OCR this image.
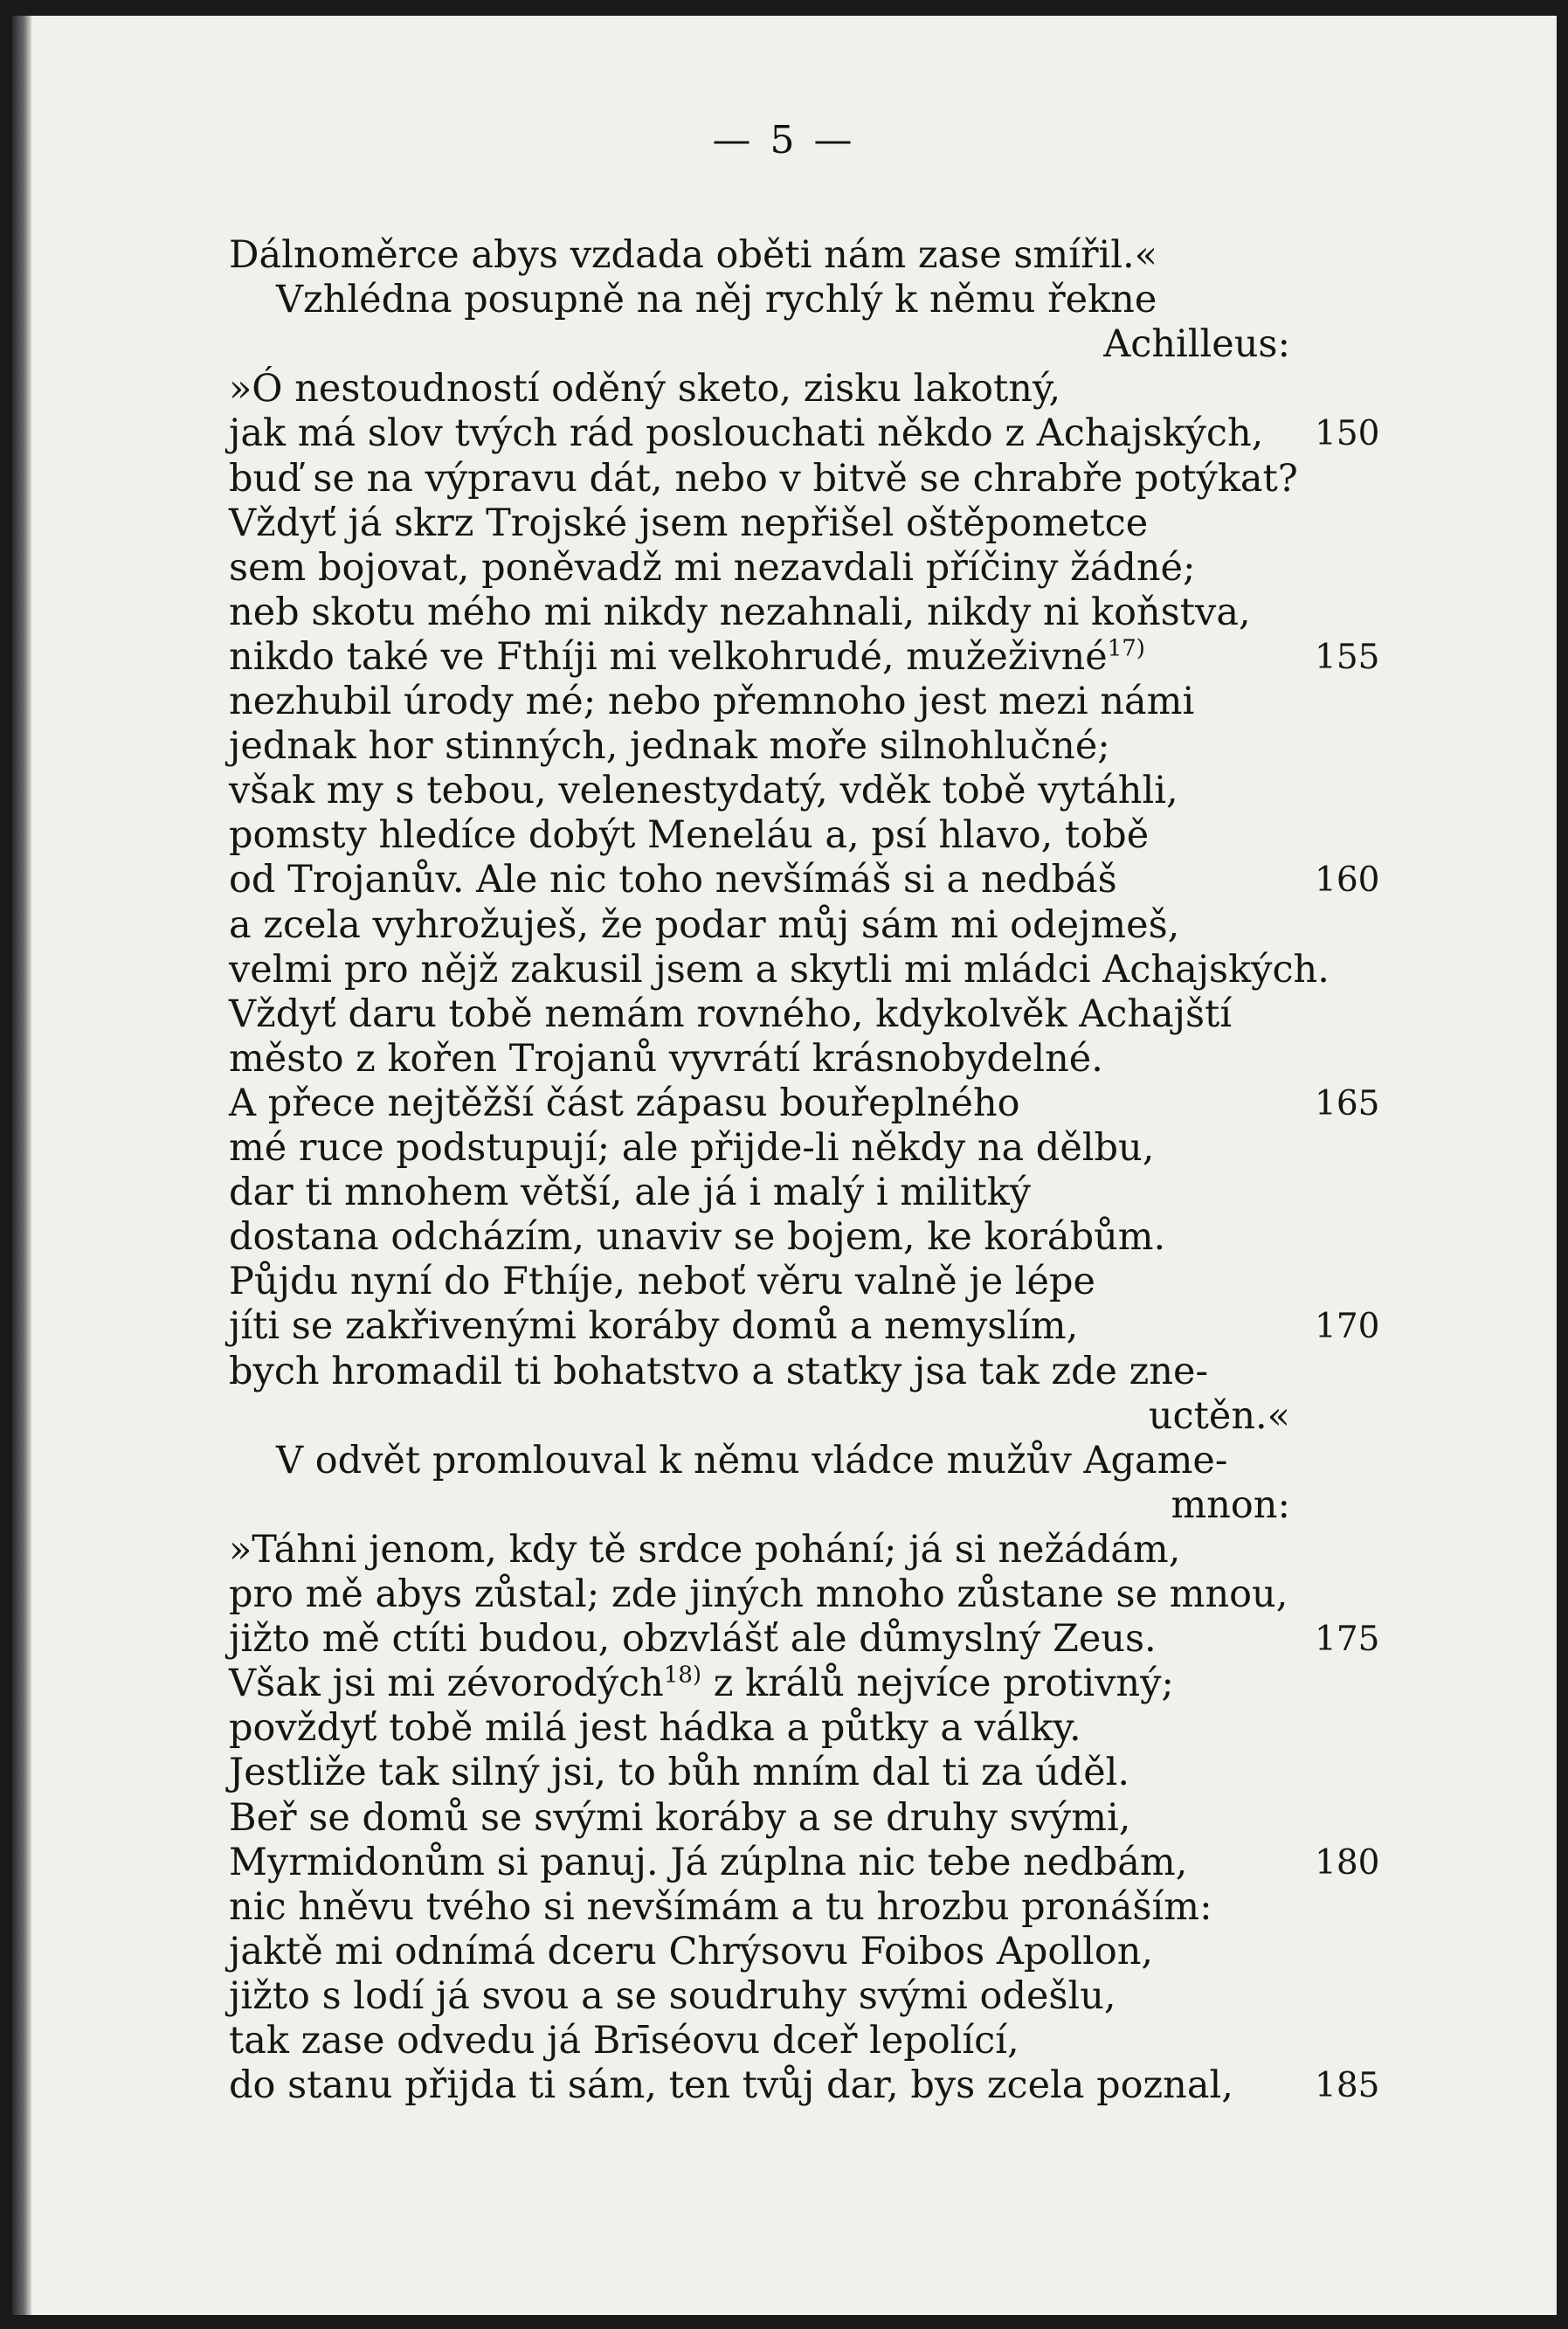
— 5 —
Dálnoměrce abys vzdada oběti nám zase smířil.«
Vzhlédna posupně na něj rychlý k němu řekne
Achilleus:
»Ó nestoudností oděný sketo, zisku lakotný,
jak má slov tvých rád poslouchati někdo z Achajských,	150
buď se na výpravu dát, nebo v bitvě se chrabře potýkat?
Vždyť já skrz Trojské jsem nepřišel oštěpometce
sem bojovat, poněvadž mi nezavdali příčiny žádné;
neb skotu mého mi nikdy nezahnali, nikdy ni koňstva,
nikdo také ve Fthíji mi velkohrudé, mužeživné$^{17)}$	155
nezhubil úrody mé; nebo přemnoho jest mezi námi
jednak hor stinných, jednak moře silnohlučné;
však my s tebou, velenestydatý, vděk tobě vytáhli,
pomsty hledíce dobýt Meneláu a, psí hlavo, tobě
od Trojanův. Ale nic toho nevšímáš si a nedbáš	160
a zcela vyhrožuješ, že podar můj sám mi odejmeš,
velmi pro nějž zakusil jsem a skytli mi mládci Achajských.
Vždyť daru tobě nemám rovného, kdykolvěk Achajští
město z kořen Trojanů vyvrátí krásnobydelné.
A přece nejtěžší část zápasu bouřeplného	165
mé ruce podstupují; ale přijde-li někdy na dělbu,
dar ti mnohem větší, ale já i malý i militký
dostana odcházím, unaviv se bojem, ke korábům.
Půjdu nyní do Fthíje, neboť věru valně je lépe
jíti se zakřivenými koráby domů a nemyslím,	170
bych hromadil ti bohatstvo a statky jsa tak zde zne-
uctěn.«
V odvět promlouval k němu vládce mužův Agame-
mnon:
»Táhni jenom, kdy tě srdce pohání; já si nežádám,
pro mě abys zůstal; zde jiných mnoho zůstane se mnou,
jižto mě ctíti budou, obzvlášť ale důmyslný Zeus.	175
Však jsi mi zévorodých$^{18)}$ z králů nejvíce protivný;
povždyť tobě milá jest hádka a půtky a války.
Jestliže tak silný jsi, to bůh mním dal ti za úděl.
Beř se domů se svými koráby a se druhy svými,
Myrmidonům si panuj. Já zúplna nic tebe nedbám,	180
nic hněvu tvého si nevšímám a tu hrozbu pronáším:
jaktě mi odnímá dceru Chrýsovu Foibos Apollon,
jižto s lodí já svou a se soudruhy svými odešlu,
tak zase odvedu já Brīséovu dceř lepolící,
do stanu přijda ti sám, ten tvůj dar, bys zcela poznal,	185
